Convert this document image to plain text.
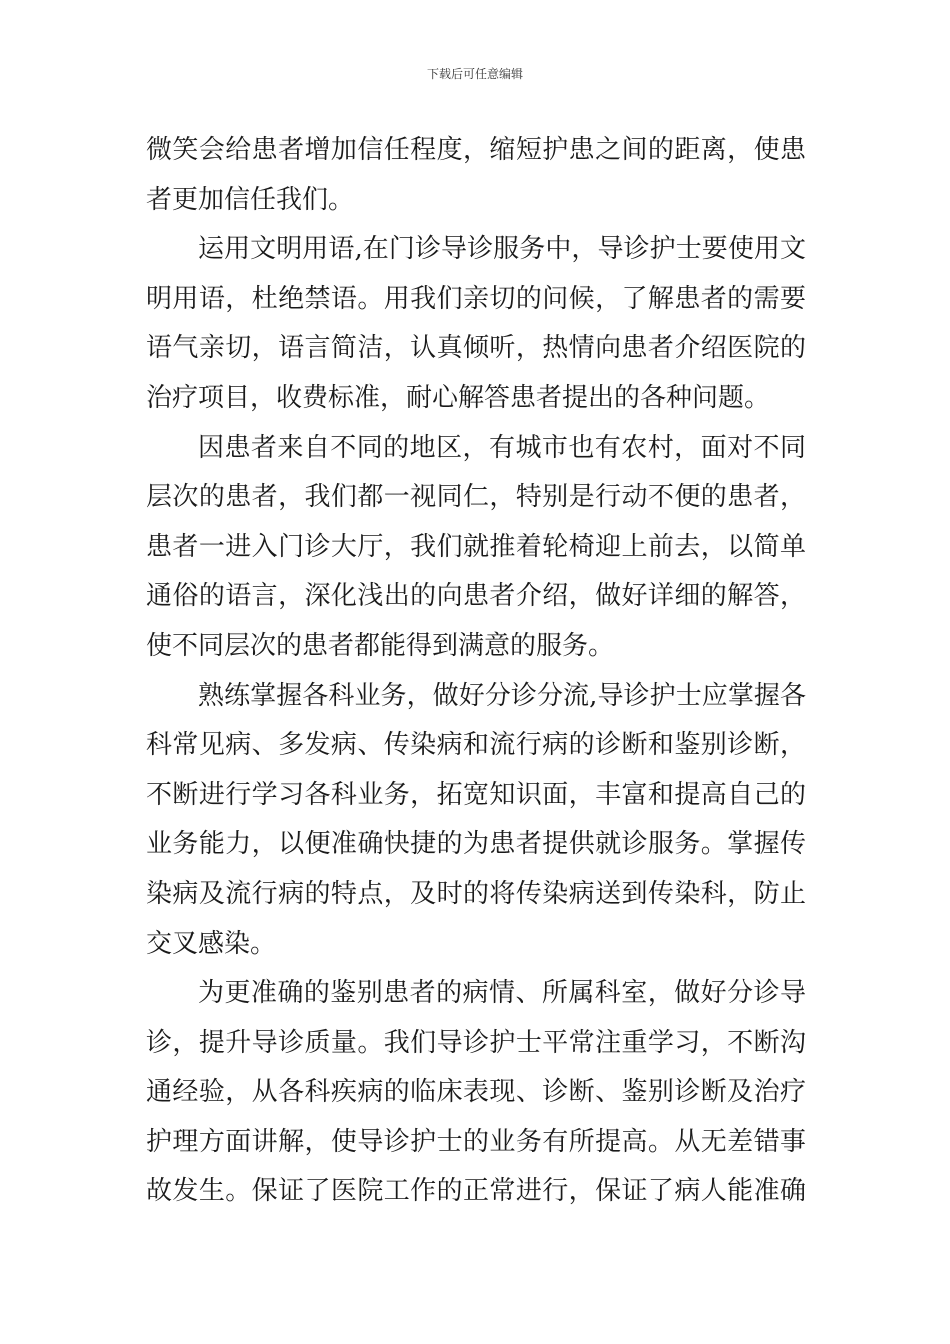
下载后可任意编辑
微笑会给患者增加信任程度，缩短护患之间的距离，使患
者更加信任我们。
运用文明用语,在门诊导诊服务中，导诊护士要使用文
明用语，杜绝禁语。用我们亲切的问候，了解患者的需要
语气亲切，语言简洁，认真倾听，热情向患者介绍医院的
治疗项目，收费标准，耐心解答患者提出的各种问题。
因患者来自不同的地区，有城市也有农村，面对不同
层次的患者，我们都一视同仁，特别是行动不便的患者，
患者一进入门诊大厅，我们就推着轮椅迎上前去，以简单
通俗的语言，深化浅出的向患者介绍，做好详细的解答，
使不同层次的患者都能得到满意的服务。
熟练掌握各科业务，做好分诊分流,导诊护士应掌握各
科常见病、多发病、传染病和流行病的诊断和鉴别诊断，
不断进行学习各科业务，拓宽知识面，丰富和提高自己的
业务能力，以便准确快捷的为患者提供就诊服务。掌握传
染病及流行病的特点，及时的将传染病送到传染科，防止
交叉感染。
为更准确的鉴别患者的病情、所属科室，做好分诊导
诊，提升导诊质量。我们导诊护士平常注重学习，不断沟
通经验，从各科疾病的临床表现、诊断、鉴别诊断及治疗
护理方面讲解，使导诊护士的业务有所提高。从无差错事
故发生。保证了医院工作的正常进行，保证了病人能准确
